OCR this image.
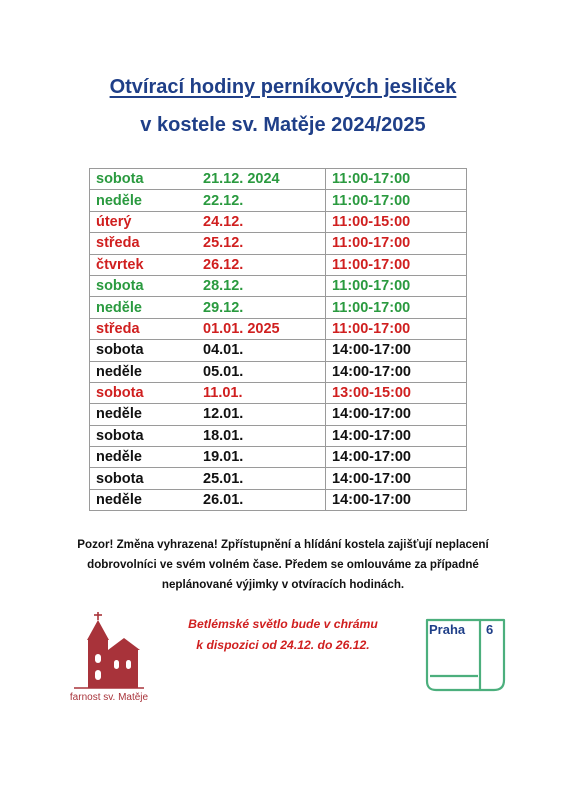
Otvírací hodiny perníkových jesliček
v kostele sv. Matěje 2024/2025
sobota 21.12. 2024	11:00-17:00
neděle 22.12.	11:00-17:00
úterý 24.12.	11:00-15:00
středa 25.12.	11:00-17:00
čtvrtek 26.12.	11:00-17:00
sobota 28.12.	11:00-17:00
neděle 29.12.	11:00-17:00
středa 01.01. 2025	11:00-17:00
sobota 04.01.	14:00-17:00
neděle 05.01.	14:00-17:00
sobota 11.01.	13:00-15:00
neděle 12.01.	14:00-17:00
sobota 18.01.	14:00-17:00
neděle 19.01.	14:00-17:00
sobota 25.01.	14:00-17:00
neděle 26.01.	14:00-17:00
Pozor! Změna vyhrazena! Zpřístupnění a hlídání kostela zajišťují neplacení
dobrovolníci ve svém volném čase. Předem se omlouváme za případné
neplánované výjimky v otvíracích hodinách.
Betlémské světlo bude v chrámu
k dispozici od 24.12. do 26.12.
farnost sv. Matěje
Praha 6
